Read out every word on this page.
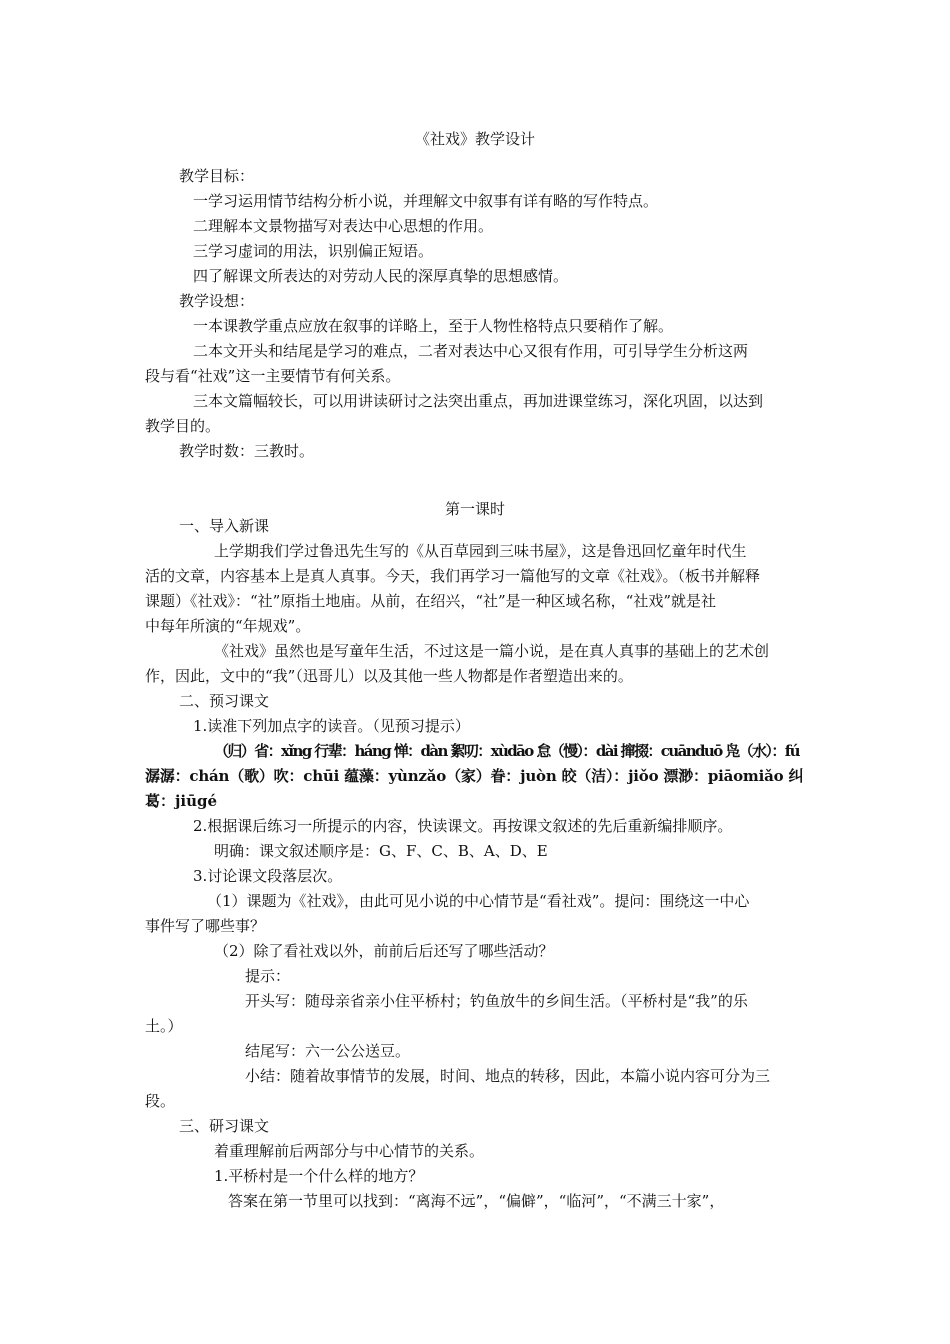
《社戏》教学设计
教学目标：
一学习运用情节结构分析小说，并理解文中叙事有详有略的写作特点。
二理解本文景物描写对表达中心思想的作用。
三学习虚词的用法，识别偏正短语。
四了解课文所表达的对劳动人民的深厚真挚的思想感情。
教学设想：
一本课教学重点应放在叙事的详略上，至于人物性格特点只要稍作了解。
二本文开头和结尾是学习的难点，二者对表达中心又很有作用，可引导学生分析这两
段与看“社戏”这一主要情节有何关系。
三本文篇幅较长，可以用讲读研讨之法突出重点，再加进课堂练习，深化巩固，以达到
教学目的。
教学时数：三教时。
第一课时
一、导入新课
上学期我们学过鲁迅先生写的《从百草园到三味书屋》，这是鲁迅回忆童年时代生
活的文章，内容基本上是真人真事。今天，我们再学习一篇他写的文章《社戏》。（板书并解释
课题）《社戏》：“社”原指土地庙。从前，在绍兴，“社”是一种区域名称，“社戏”就是社
中每年所演的“年规戏”。
《社戏》虽然也是写童年生活，不过这是一篇小说，是在真人真事的基础上的艺术创
作，因此，文中的“我”（迅哥儿）以及其他一些人物都是作者塑造出来的。
二、预习课文
1.读准下列加点字的读音。（见预习提示）
（归）省：xǐng 行辈：háng 惮：dàn 絮叨：xùdāo 怠（慢）：dài 撺掇：cuānduō 凫（水）：fú
潺潺：chán（歌）吹：chūi 蕴藻：yùnzǎo（家）眷：juòn 皎（洁）：jiǒo 漂渺：piāomiǎo 纠
葛：jiūgé
2.根据课后练习一所提示的内容，快读课文。再按课文叙述的先后重新编排顺序。
明确：课文叙述顺序是：G、F、C、B、A、D、E
3.讨论课文段落层次。
（1）课题为《社戏》，由此可见小说的中心情节是“看社戏”。提问：围绕这一中心
事件写了哪些事？
（2）除了看社戏以外，前前后后还写了哪些活动？
提示：
开头写：随母亲省亲小住平桥村；钓鱼放牛的乡间生活。（平桥村是“我”的乐
土。）
结尾写：六一公公送豆。
小结：随着故事情节的发展，时间、地点的转移，因此，本篇小说内容可分为三
段。
三、研习课文
着重理解前后两部分与中心情节的关系。
1.平桥村是一个什么样的地方？
答案在第一节里可以找到：“离海不远”，“偏僻”，“临河”，“不满三十家”，
